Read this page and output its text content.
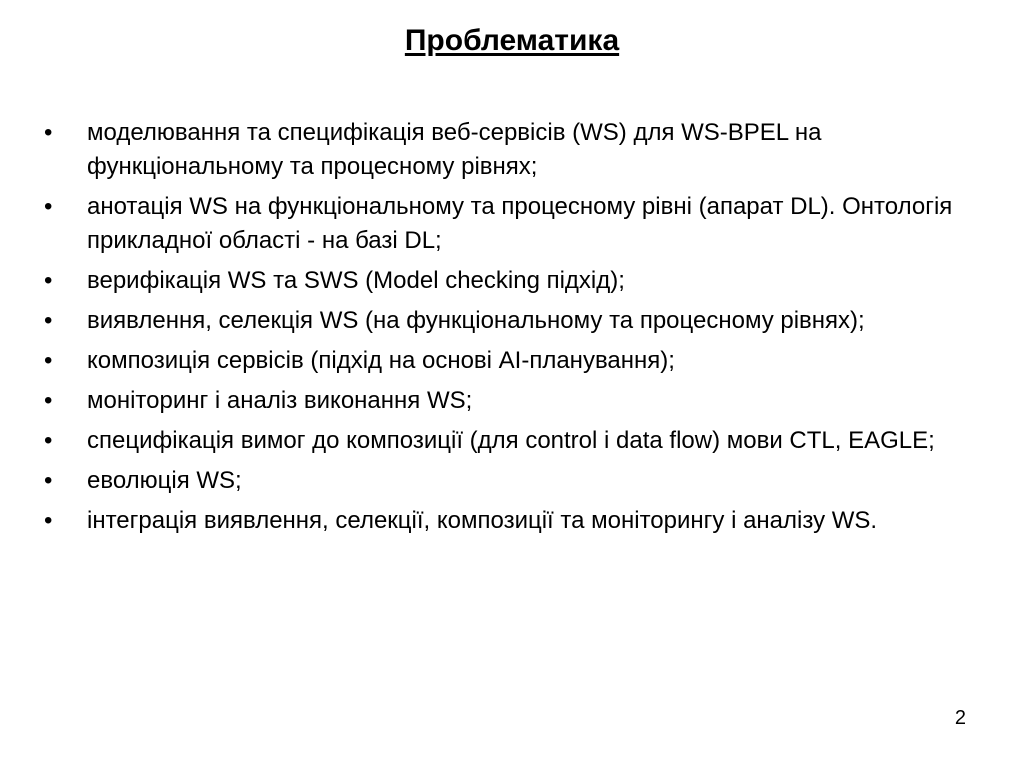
Проблематика
•	моделювання та специфікація веб-сервісів (WS) для WS-BPEL на функціональному та процесному рівнях;
•	анотація WS на функціональному та процесному рівні (апарат DL). Онтологія прикладної області - на базі DL;
•	верифікація WS та SWS (Model checking підхід);
•	виявлення, селекція WS (на функціональному та процесному рівнях);
•	композиція сервісів (підхід на основі AI-планування);
•	моніторинг і аналіз виконання WS;
•	специфікація вимог до композиції (для control і data flow) мови CTL, EAGLE;
•	еволюція WS;
•	інтеграція виявлення, селекції, композиції та моніторингу і аналізу WS.
2
